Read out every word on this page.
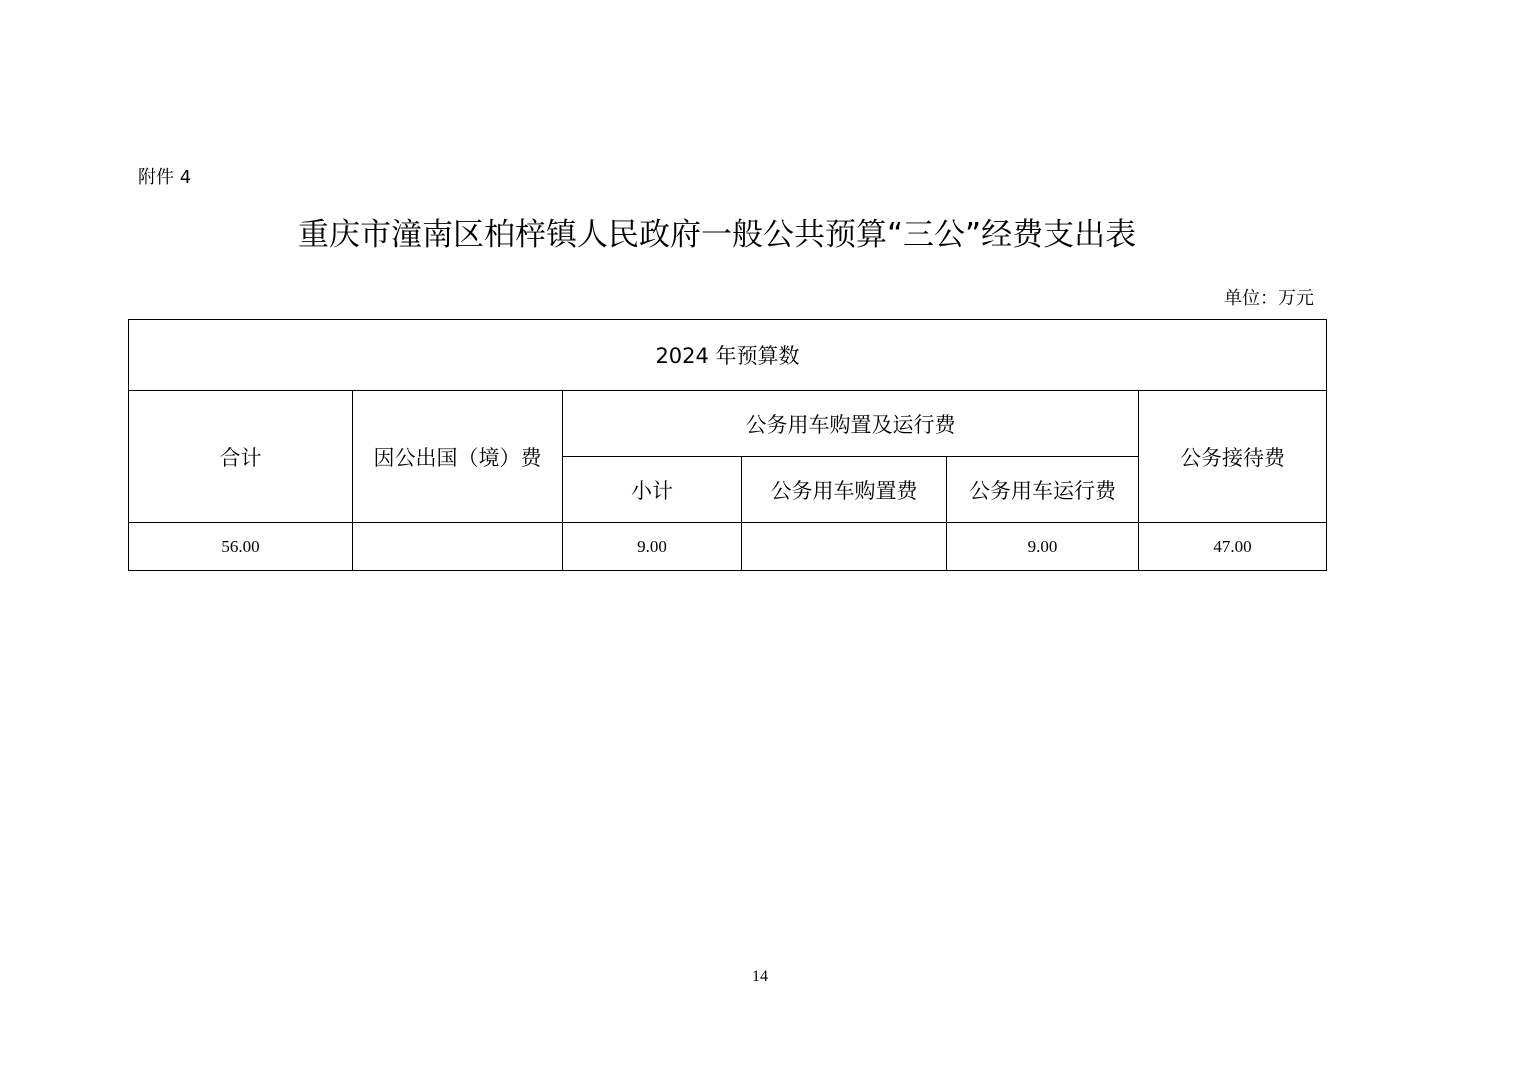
附件 4
重庆市潼南区柏梓镇人民政府一般公共预算“三公”经费支出表
单位：万元
2024 年预算数					
合计	因公出国（境）费	公务用车购置及运行费			公务接待费
		小计	公务用车购置费	公务用车运行费	
56.00		9.00		9.00	47.00
14
